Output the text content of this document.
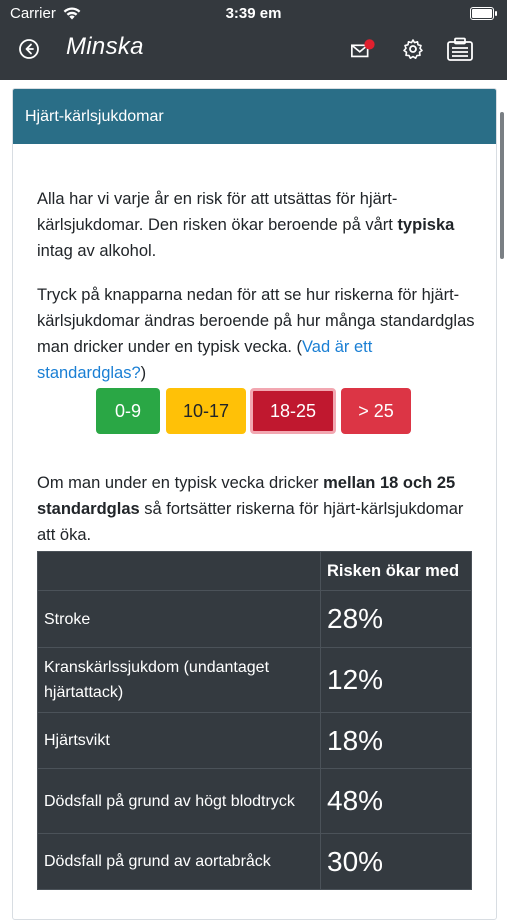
Carrier	3:39 em
Minska
Hjärt-kärlsjukdomar

Alla har vi varje år en risk för att utsättas för hjärt-kärlsjukdomar. Den risken ökar beroende på vårt typiska intag av alkohol.

Tryck på knapparna nedan för att se hur riskerna för hjärt-kärlsjukdomar ändras beroende på hur många standardglas man dricker under en typisk vecka. (Vad är ett standardglas?)

0-9	10-17	18-25	> 25

Om man under en typisk vecka dricker mellan 18 och 25 standardglas så fortsätter riskerna för hjärt-kärlsjukdomar att öka.

	Risken ökar med
Stroke	28%
Kranskärlssjukdom (undantaget hjärtattack)	12%
Hjärtsvikt	18%
Dödsfall på grund av högt blodtryck	48%
Dödsfall på grund av aortabråck	30%
